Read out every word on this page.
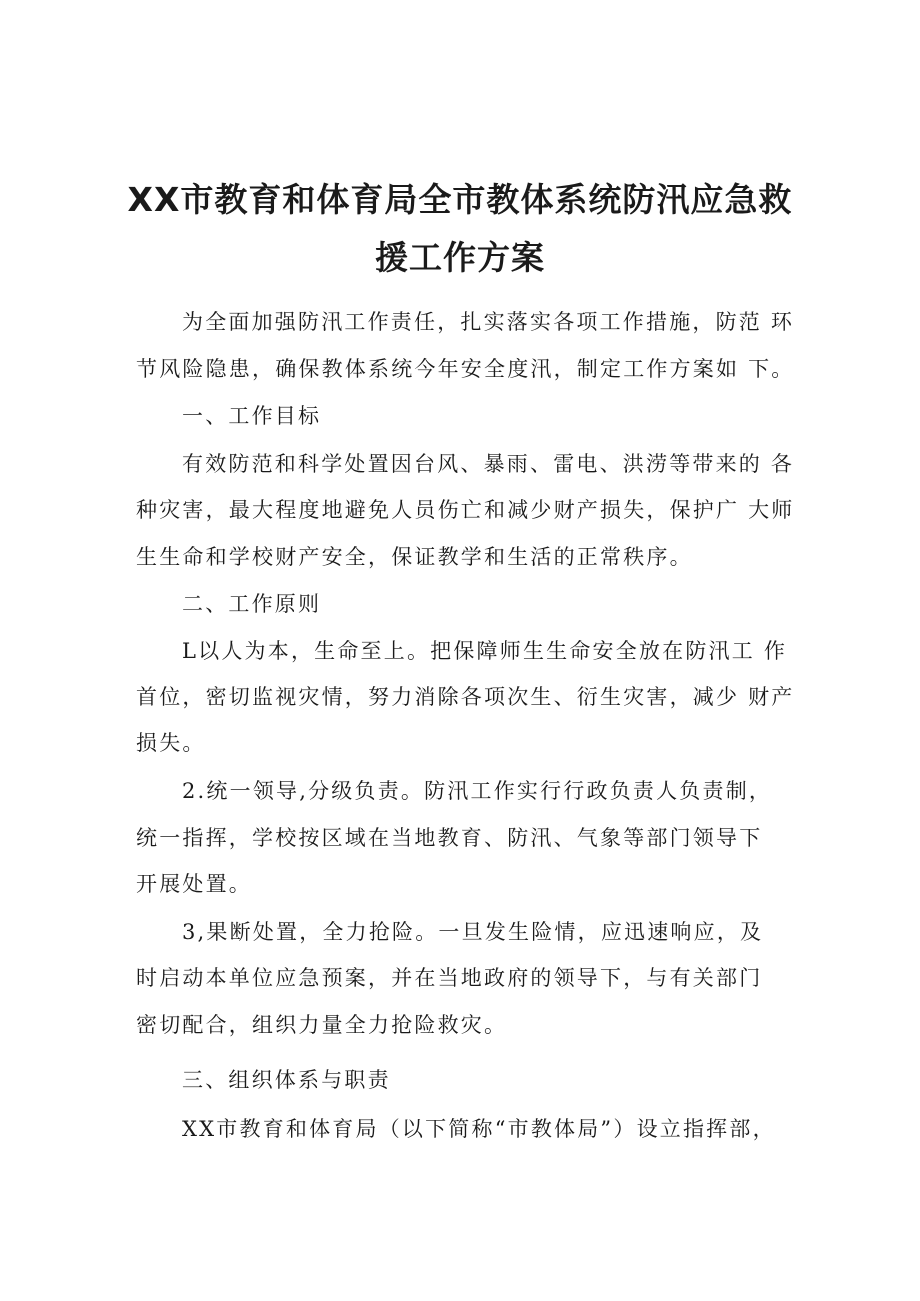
XX市教育和体育局全市教体系统防汛应急救
援工作方案

为全面加强防汛工作责任，扎实落实各项工作措施，防范 环

节风险隐患，确保教体系统今年安全度汛，制定工作方案如 下。

一、工作目标

有效防范和科学处置因台风、暴雨、雷电、洪涝等带来的 各

种灾害，最大程度地避免人员伤亡和减少财产损失，保护广 大师

生生命和学校财产安全，保证教学和生活的正常秩序。

二、工作原则

L以人为本，生命至上。把保障师生生命安全放在防汛工 作

首位，密切监视灾情，努力消除各项次生、衍生灾害，减少 财产

损失。

2.统一领导,分级负责。防汛工作实行行政负责人负责制，

统一指挥，学校按区域在当地教育、防汛、气象等部门领导下

开展处置。

3,果断处置，全力抢险。一旦发生险情，应迅速响应，及

时启动本单位应急预案，并在当地政府的领导下，与有关部门

密切配合，组织力量全力抢险救灾。

三、组织体系与职责

XX市教育和体育局（以下简称“市教体局”）设立指挥部，
